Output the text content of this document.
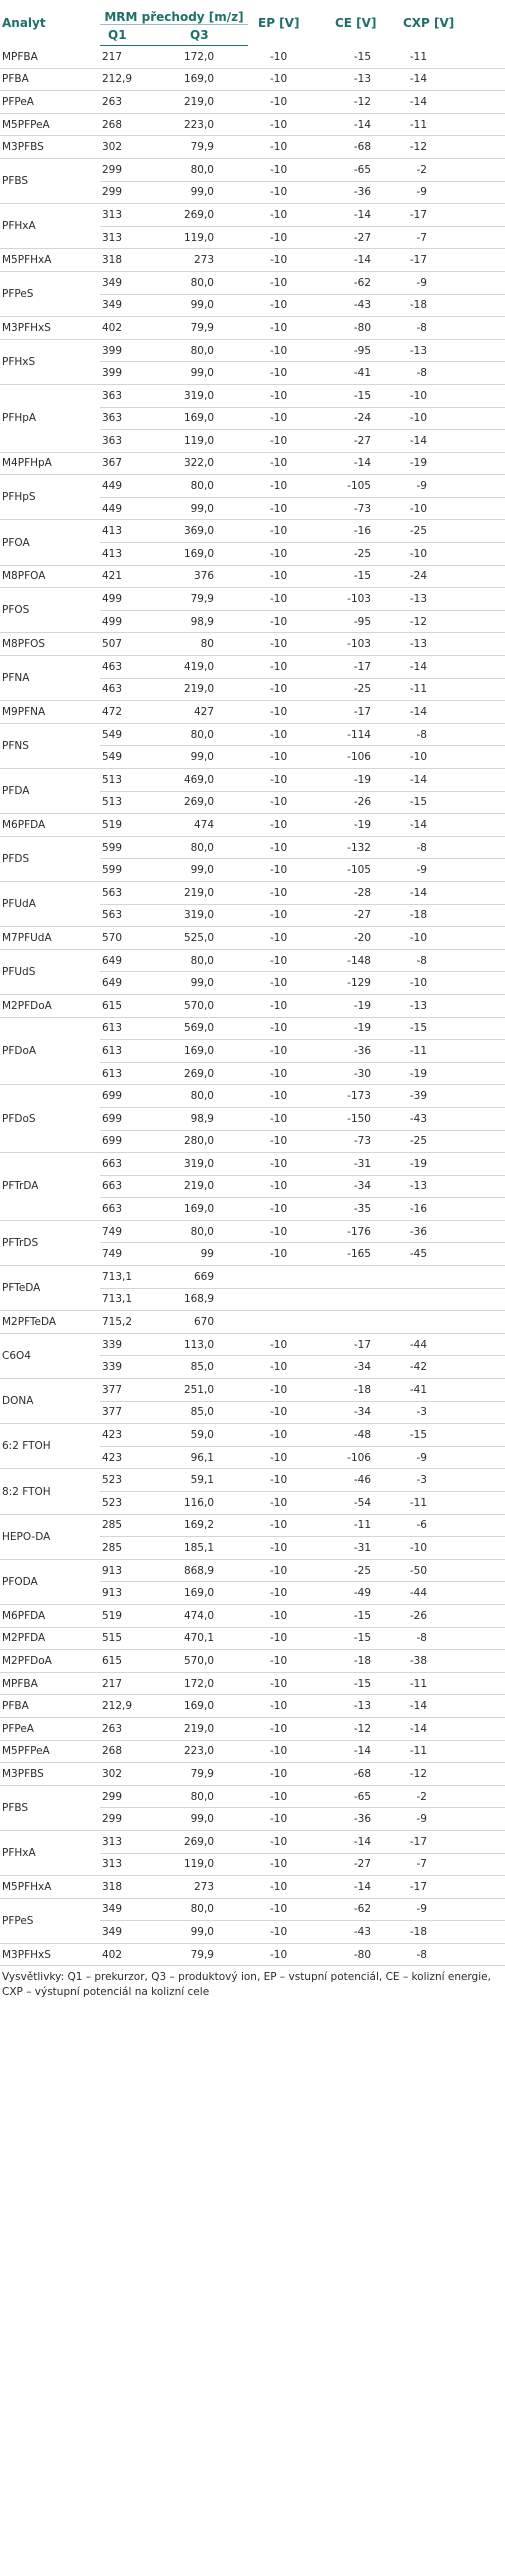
Analyt	MRM přechody [m/z]		EP [V]	CE [V]	CXP [V]
	Q1	Q3			
MPFBA	217	172,0	-10	-15	-11
PFBA	212,9	169,0	-10	-13	-14
PFPeA	263	219,0	-10	-12	-14
M5PFPeA	268	223,0	-10	-14	-11
M3PFBS	302	79,9	-10	-68	-12
PFBS	299	80,0	-10	-65	-2
	299	99,0	-10	-36	-9
PFHxA	313	269,0	-10	-14	-17
	313	119,0	-10	-27	-7
M5PFHxA	318	273	-10	-14	-17
PFPeS	349	80,0	-10	-62	-9
	349	99,0	-10	-43	-18
M3PFHxS	402	79,9	-10	-80	-8
PFHxS	399	80,0	-10	-95	-13
	399	99,0	-10	-41	-8
PFHpA	363	319,0	-10	-15	-10
	363	169,0	-10	-24	-10
	363	119,0	-10	-27	-14
M4PFHpA	367	322,0	-10	-14	-19
PFHpS	449	80,0	-10	-105	-9
	449	99,0	-10	-73	-10
PFOA	413	369,0	-10	-16	-25
	413	169,0	-10	-25	-10
M8PFOA	421	376	-10	-15	-24
PFOS	499	79,9	-10	-103	-13
	499	98,9	-10	-95	-12
M8PFOS	507	80	-10	-103	-13
PFNA	463	419,0	-10	-17	-14
	463	219,0	-10	-25	-11
M9PFNA	472	427	-10	-17	-14
PFNS	549	80,0	-10	-114	-8
	549	99,0	-10	-106	-10
PFDA	513	469,0	-10	-19	-14
	513	269,0	-10	-26	-15
M6PFDA	519	474	-10	-19	-14
PFDS	599	80,0	-10	-132	-8
	599	99,0	-10	-105	-9
PFUdA	563	219,0	-10	-28	-14
	563	319,0	-10	-27	-18
M7PFUdA	570	525,0	-10	-20	-10
PFUdS	649	80,0	-10	-148	-8
	649	99,0	-10	-129	-10
M2PFDoA	615	570,0	-10	-19	-13
PFDoA	613	569,0	-10	-19	-15
	613	169,0	-10	-36	-11
	613	269,0	-10	-30	-19
PFDoS	699	80,0	-10	-173	-39
	699	98,9	-10	-150	-43
	699	280,0	-10	-73	-25
PFTrDA	663	319,0	-10	-31	-19
	663	219,0	-10	-34	-13
	663	169,0	-10	-35	-16
PFTrDS	749	80,0	-10	-176	-36
	749	99	-10	-165	-45
PFTeDA	713,1	669			
	713,1	168,9			
M2PFTeDA	715,2	670			
C6O4	339	113,0	-10	-17	-44
	339	85,0	-10	-34	-42
DONA	377	251,0	-10	-18	-41
	377	85,0	-10	-34	-3
6:2 FTOH	423	59,0	-10	-48	-15
	423	96,1	-10	-106	-9
8:2 FTOH	523	59,1	-10	-46	-3
	523	116,0	-10	-54	-11
HEPO-DA	285	169,2	-10	-11	-6
	285	185,1	-10	-31	-10
PFODA	913	868,9	-10	-25	-50
	913	169,0	-10	-49	-44
M6PFDA	519	474,0	-10	-15	-26
M2PFDA	515	470,1	-10	-15	-8
M2PFDoA	615	570,0	-10	-18	-38
MPFBA	217	172,0	-10	-15	-11
PFBA	212,9	169,0	-10	-13	-14
PFPeA	263	219,0	-10	-12	-14
M5PFPeA	268	223,0	-10	-14	-11
M3PFBS	302	79,9	-10	-68	-12
PFBS	299	80,0	-10	-65	-2
	299	99,0	-10	-36	-9
PFHxA	313	269,0	-10	-14	-17
	313	119,0	-10	-27	-7
M5PFHxA	318	273	-10	-14	-17
PFPeS	349	80,0	-10	-62	-9
	349	99,0	-10	-43	-18
M3PFHxS	402	79,9	-10	-80	-8
Vysvětlivky: Q1 – prekurzor, Q3 – produktový ion, EP – vstupní potenciál, CE – kolizní energie, CXP – výstupní potenciál na kolizní cele
